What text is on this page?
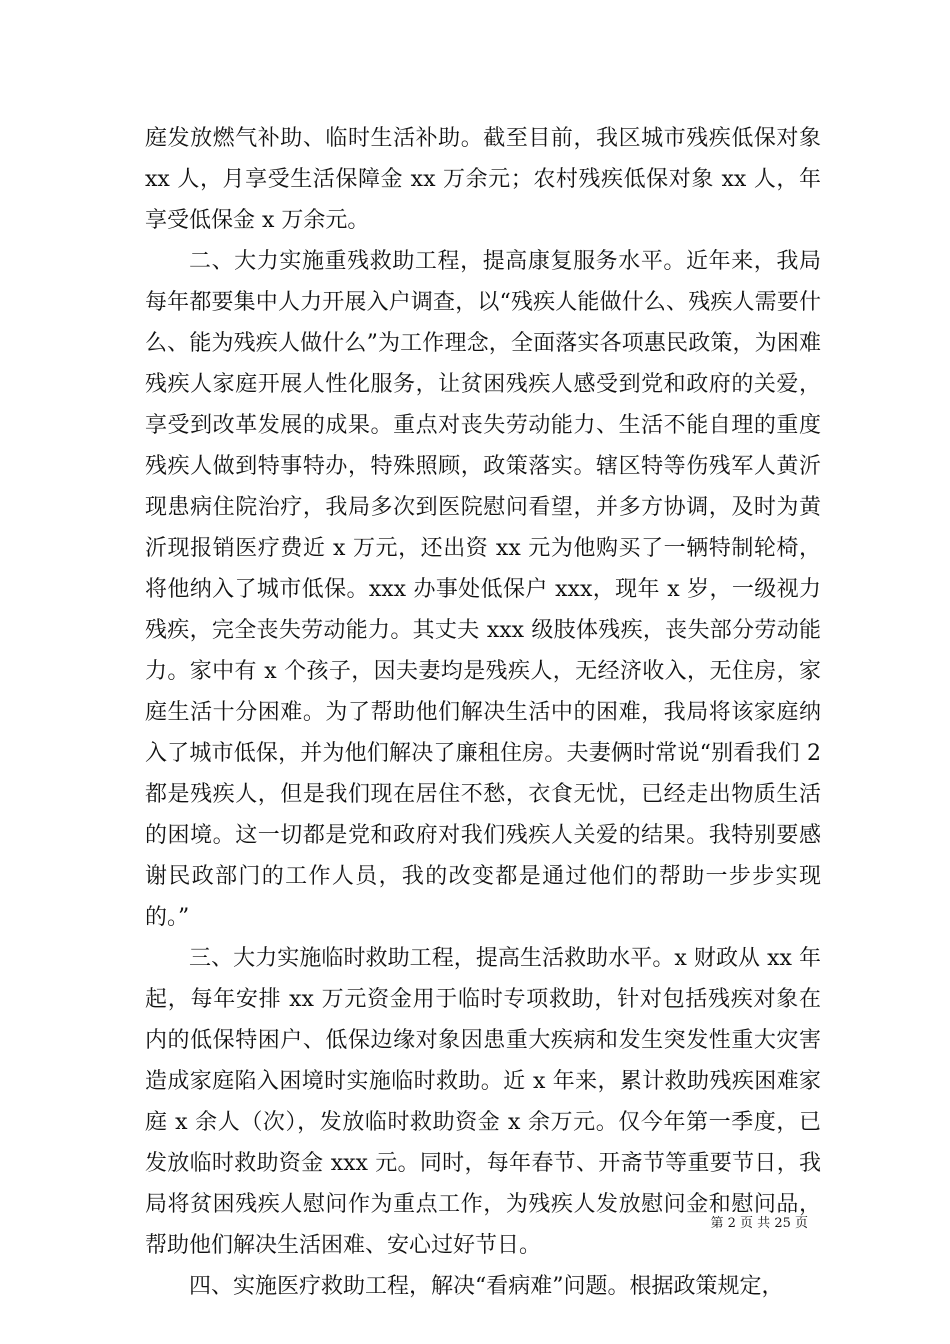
庭发放燃气补助、临时生活补助。截至目前，我区城市残疾低保对象 xx 人，月享受生活保障金 xx 万余元；农村残疾低保对象 xx 人，年享受低保金 x 万余元。

二、大力实施重残救助工程，提高康复服务水平。近年来，我局每年都要集中人力开展入户调查，以“残疾人能做什么、残疾人需要什么、能为残疾人做什么”为工作理念，全面落实各项惠民政策，为困难残疾人家庭开展人性化服务，让贫困残疾人感受到党和政府的关爱，享受到改革发展的成果。重点对丧失劳动能力、生活不能自理的重度残疾人做到特事特办，特殊照顾，政策落实。辖区特等伤残军人黄沂现患病住院治疗，我局多次到医院慰问看望，并多方协调，及时为黄沂现报销医疗费近 x 万元，还出资 xx 元为他购买了一辆特制轮椅，将他纳入了城市低保。xxx 办事处低保户 xxx，现年 x 岁，一级视力残疾，完全丧失劳动能力。其丈夫 xxx 级肢体残疾，丧失部分劳动能力。家中有 x 个孩子，因夫妻均是残疾人，无经济收入，无住房，家庭生活十分困难。为了帮助他们解决生活中的困难，我局将该家庭纳入了城市低保，并为他们解决了廉租住房。夫妻俩时常说“别看我们 2 都是残疾人，但是我们现在居住不愁，衣食无忧，已经走出物质生活的困境。这一切都是党和政府对我们残疾人关爱的结果。我特别要感谢民政部门的工作人员，我的改变都是通过他们的帮助一步步实现的。”

三、大力实施临时救助工程，提高生活救助水平。x 财政从 xx 年起，每年安排 xx 万元资金用于临时专项救助，针对包括残疾对象在内的低保特困户、低保边缘对象因患重大疾病和发生突发性重大灾害造成家庭陷入困境时实施临时救助。近 x 年来，累计救助残疾困难家庭 x 余人（次），发放临时救助资金 x 余万元。仅今年第一季度，已发放临时救助资金 xxx 元。同时，每年春节、开斋节等重要节日，我局将贫困残疾人慰问作为重点工作，为残疾人发放慰问金和慰问品，帮助他们解决生活困难、安心过好节日。

四、实施医疗救助工程，解决“看病难”问题。根据政策规定，

第 2 页 共 25 页
